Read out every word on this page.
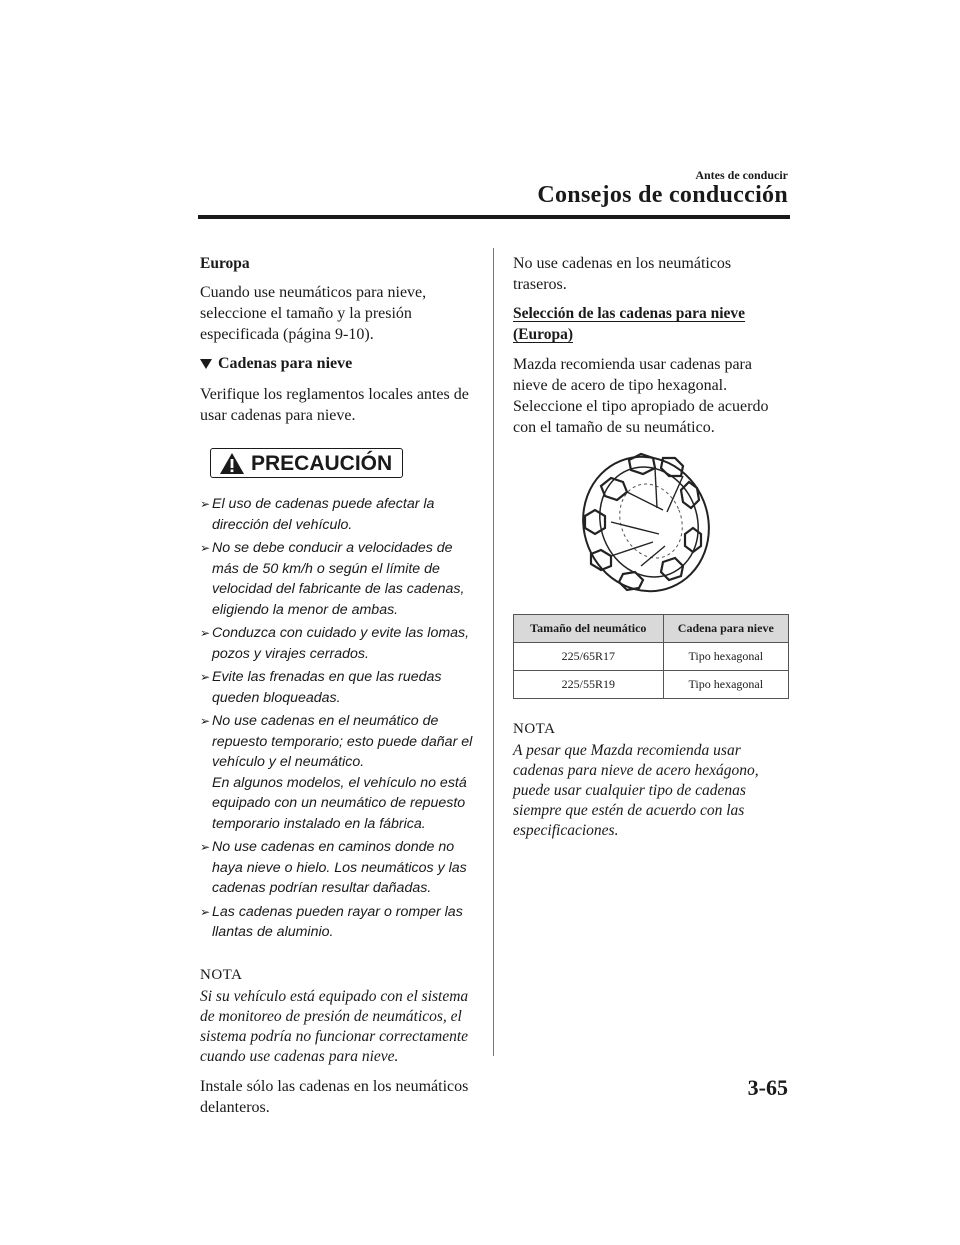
Antes de conducir
Consejos de conducción

Europa

Cuando use neumáticos para nieve, seleccione el tamaño y la presión especificada (página 9-10).

Cadenas para nieve

Verifique los reglamentos locales antes de usar cadenas para nieve.

PRECAUCIÓN
➢ El uso de cadenas puede afectar la dirección del vehículo.
➢ No se debe conducir a velocidades de más de 50 km/h o según el límite de velocidad del fabricante de las cadenas, eligiendo la menor de ambas.
➢ Conduzca con cuidado y evite las lomas, pozos y virajes cerrados.
➢ Evite las frenadas en que las ruedas queden bloqueadas.
➢ No use cadenas en el neumático de repuesto temporario; esto puede dañar el vehículo y el neumático.
En algunos modelos, el vehículo no está equipado con un neumático de repuesto temporario instalado en la fábrica.
➢ No use cadenas en caminos donde no haya nieve o hielo. Los neumáticos y las cadenas podrían resultar dañadas.
➢ Las cadenas pueden rayar o romper las llantas de aluminio.

NOTA

Si su vehículo está equipado con el sistema de monitoreo de presión de neumáticos, el sistema podría no funcionar correctamente cuando use cadenas para nieve.

Instale sólo las cadenas en los neumáticos delanteros.

No use cadenas en los neumáticos traseros.

Selección de las cadenas para nieve (Europa)

Mazda recomienda usar cadenas para nieve de acero de tipo hexagonal. Seleccione el tipo apropiado de acuerdo con el tamaño de su neumático.

Tamaño del neumático	Cadena para nieve
225/65R17	Tipo hexagonal
225/55R19	Tipo hexagonal

NOTA

A pesar que Mazda recomienda usar cadenas para nieve de acero hexágono, puede usar cualquier tipo de cadenas siempre que estén de acuerdo con las especificaciones.

3-65
